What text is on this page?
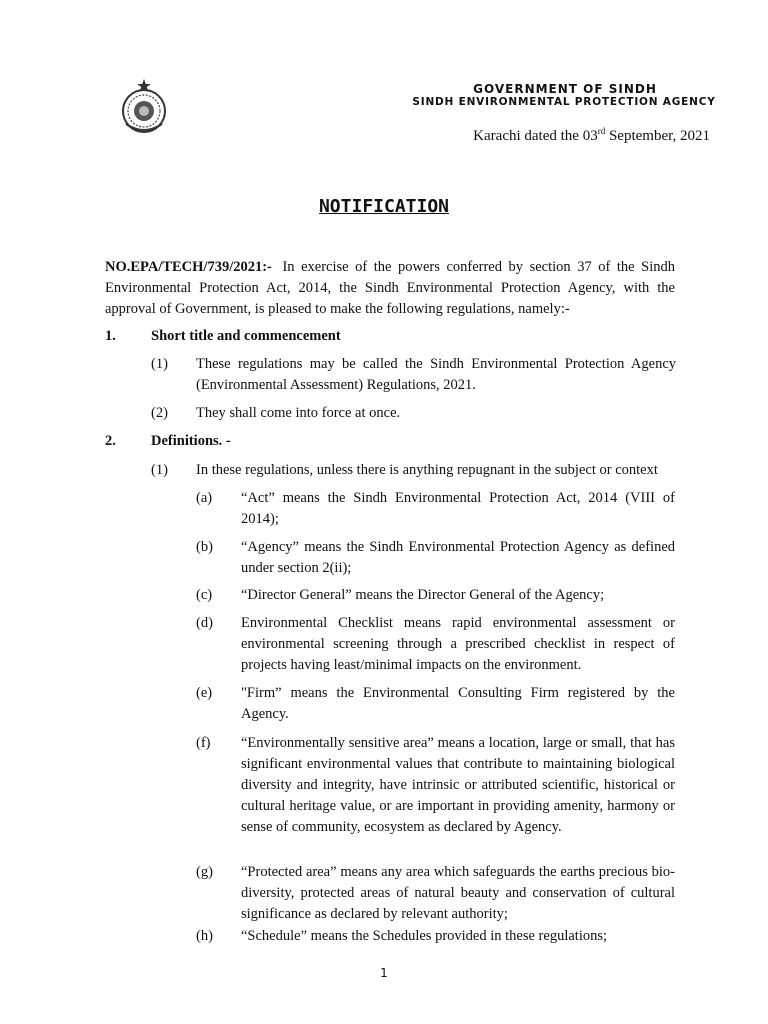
GOVERNMENT OF SINDH
SINDH ENVIRONMENTAL PROTECTION AGENCY
Karachi dated the 03rd September, 2021
NOTIFICATION
NO.EPA/TECH/739/2021:- In exercise of the powers conferred by section 37 of the Sindh Environmental Protection Act, 2014, the Sindh Environmental Protection Agency, with the approval of Government, is pleased to make the following regulations, namely:-
1. Short title and commencement
(1) These regulations may be called the Sindh Environmental Protection Agency (Environmental Assessment) Regulations, 2021.
(2) They shall come into force at once.
2. Definitions. -
(1) In these regulations, unless there is anything repugnant in the subject or context
(a) “Act” means the Sindh Environmental Protection Act, 2014 (VIII of 2014);
(b) “Agency” means the Sindh Environmental Protection Agency as defined under section 2(ii);
(c) “Director General” means the Director General of the Agency;
(d) Environmental Checklist means rapid environmental assessment or environmental screening through a prescribed checklist in respect of projects having least/minimal impacts on the environment.
(e) "Firm” means the Environmental Consulting Firm registered by the Agency.
(f) “Environmentally sensitive area” means a location, large or small, that has significant environmental values that contribute to maintaining biological diversity and integrity, have intrinsic or attributed scientific, historical or cultural heritage value, or are important in providing amenity, harmony or sense of community, ecosystem as declared by Agency.
(g) “Protected area” means any area which safeguards the earths precious bio-diversity, protected areas of natural beauty and conservation of cultural significance as declared by relevant authority;
(h) “Schedule” means the Schedules provided in these regulations;
1
